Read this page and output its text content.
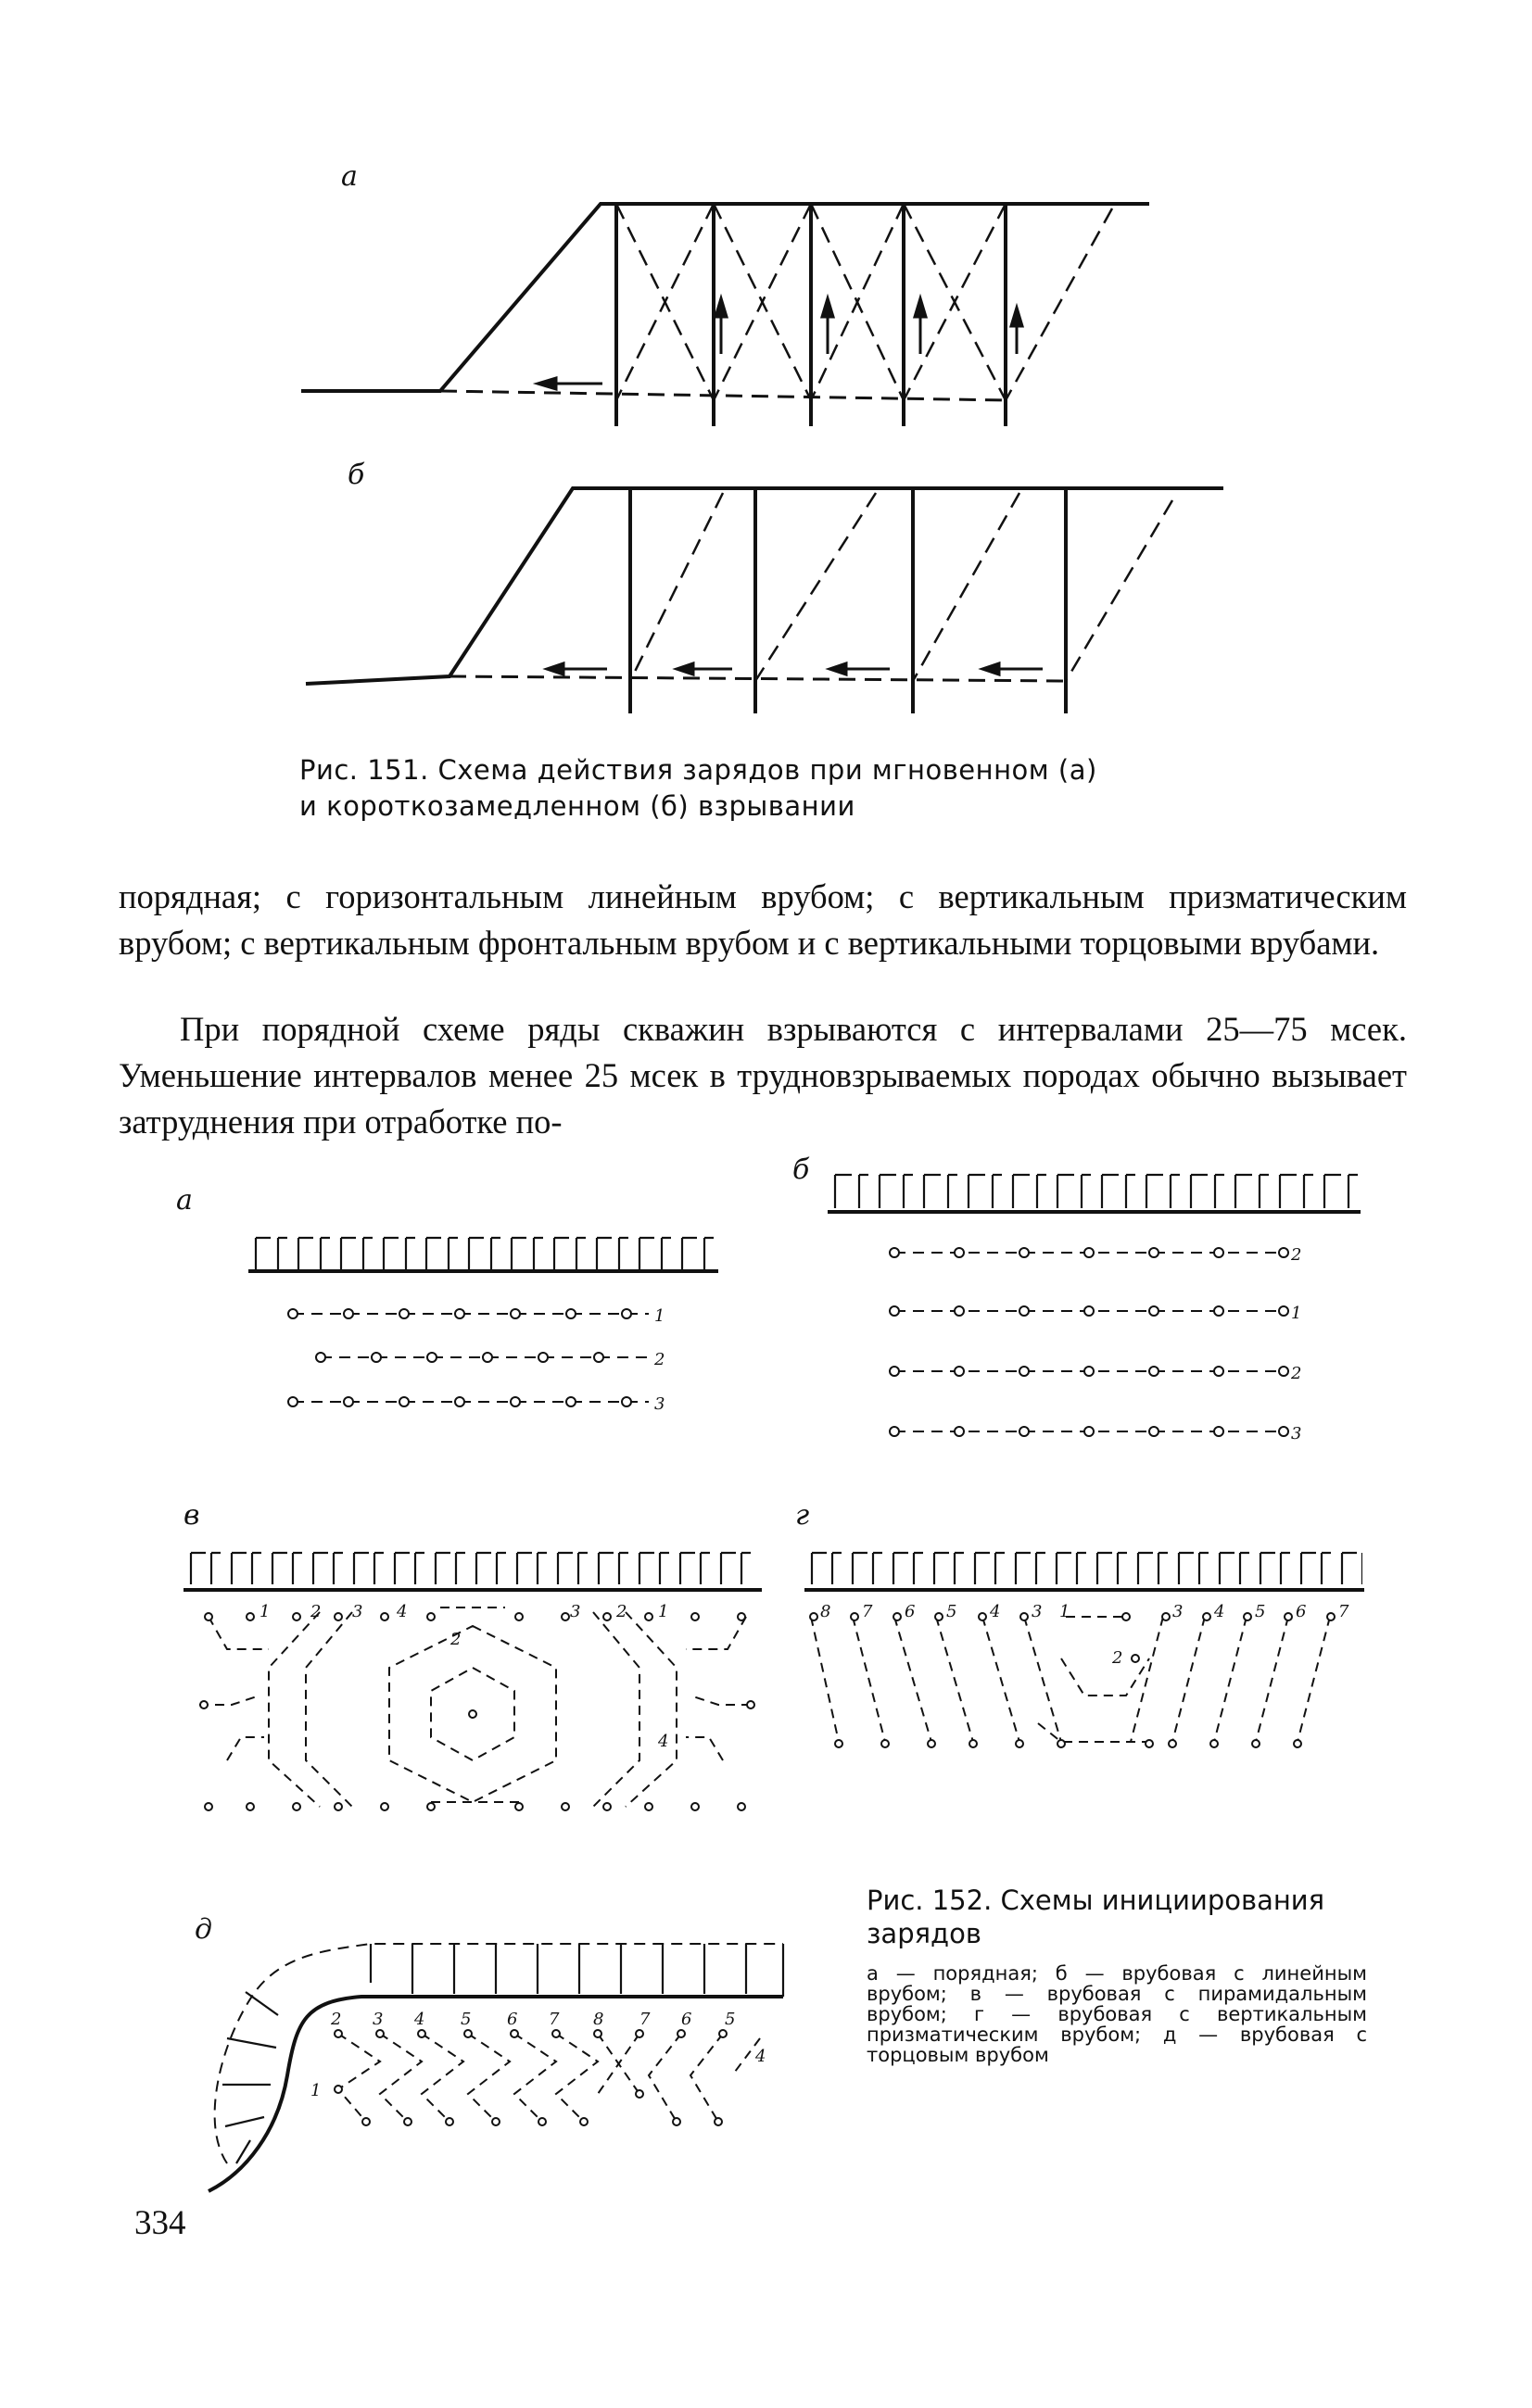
а
б
Рис. 151. Схема действия зарядов при мгновенном (а)
и короткозамедленном (б) взрывании
порядная; с горизонтальным линейным врубом; с вертикальным призматическим врубом; с вертикальным фронтальным врубом и с вертикальными торцовыми врубами.
При порядной схеме ряды скважин взрываются с интервалами 25—75 мсек. Уменьшение интервалов менее 25 мсек в трудновзрываемых породах обычно вызывает затруднения при отработке по-
а
1
2
3
б
2
1
2
3
в
1 2 3 4	3 2 1
2
4
г
8 7 6 5 4 3 1	3 4 5 6 7
2
д
2 3 4 5 6 7 8 7 6 5
1
4
Рис. 152. Схемы инициирования зарядов
а — порядная; б — врубовая с линейным врубом; в — врубовая с пирамидальным врубом; г — врубовая с вертикальным призматическим врубом; д — врубовая с торцовым врубом
334
